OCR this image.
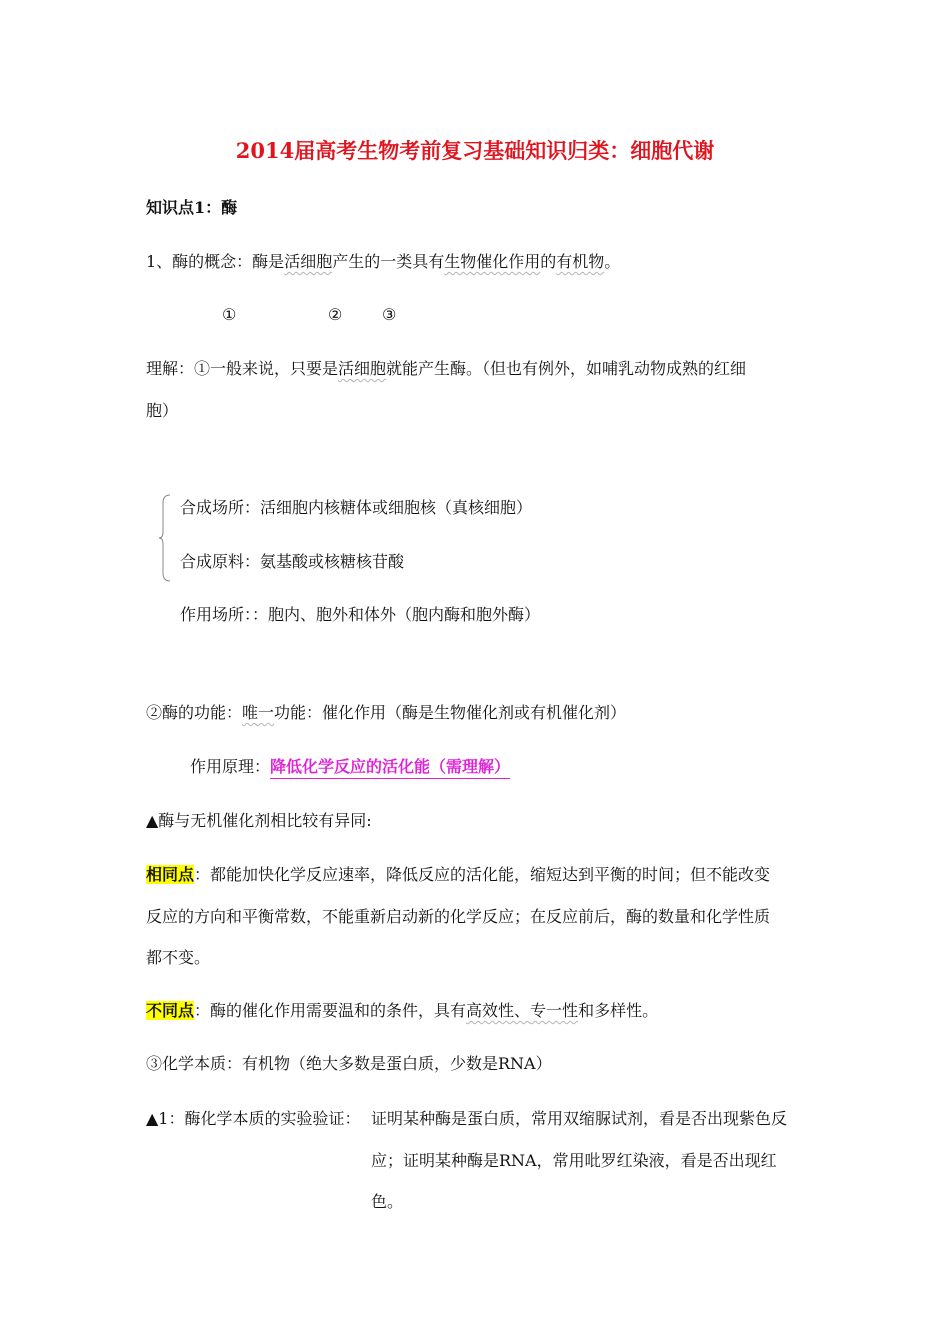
2014届高考生物考前复习基础知识归类：细胞代谢
知识点1：酶
1、酶的概念：酶是活细胞产生的一类具有生物催化作用的有机物。
①	② ③
理解：①一般来说，只要是活细胞就能产生酶。（但也有例外，如哺乳动物成熟的红细
胞）
合成场所：活细胞内核糖体或细胞核（真核细胞）
合成原料：氨基酸或核糖核苷酸
作用场所：：胞内、胞外和体外（胞内酶和胞外酶）
②酶的功能：唯一功能：催化作用（酶是生物催化剂或有机催化剂）
作用原理：降低化学反应的活化能（需理解）
▲酶与无机催化剂相比较有异同:
相同点：都能加快化学反应速率，降低反应的活化能，缩短达到平衡的时间；但不能改变
反应的方向和平衡常数，不能重新启动新的化学反应；在反应前后，酶的数量和化学性质
都不变。
不同点：酶的催化作用需要温和的条件，具有高效性、专一性和多样性。
③化学本质：有机物（绝大多数是蛋白质，少数是RNA）
▲1：酶化学本质的实验验证： 证明某种酶是蛋白质，常用双缩脲试剂，看是否出现紫色反
应；证明某种酶是RNA，常用吡罗红染液，看是否出现红
色。
